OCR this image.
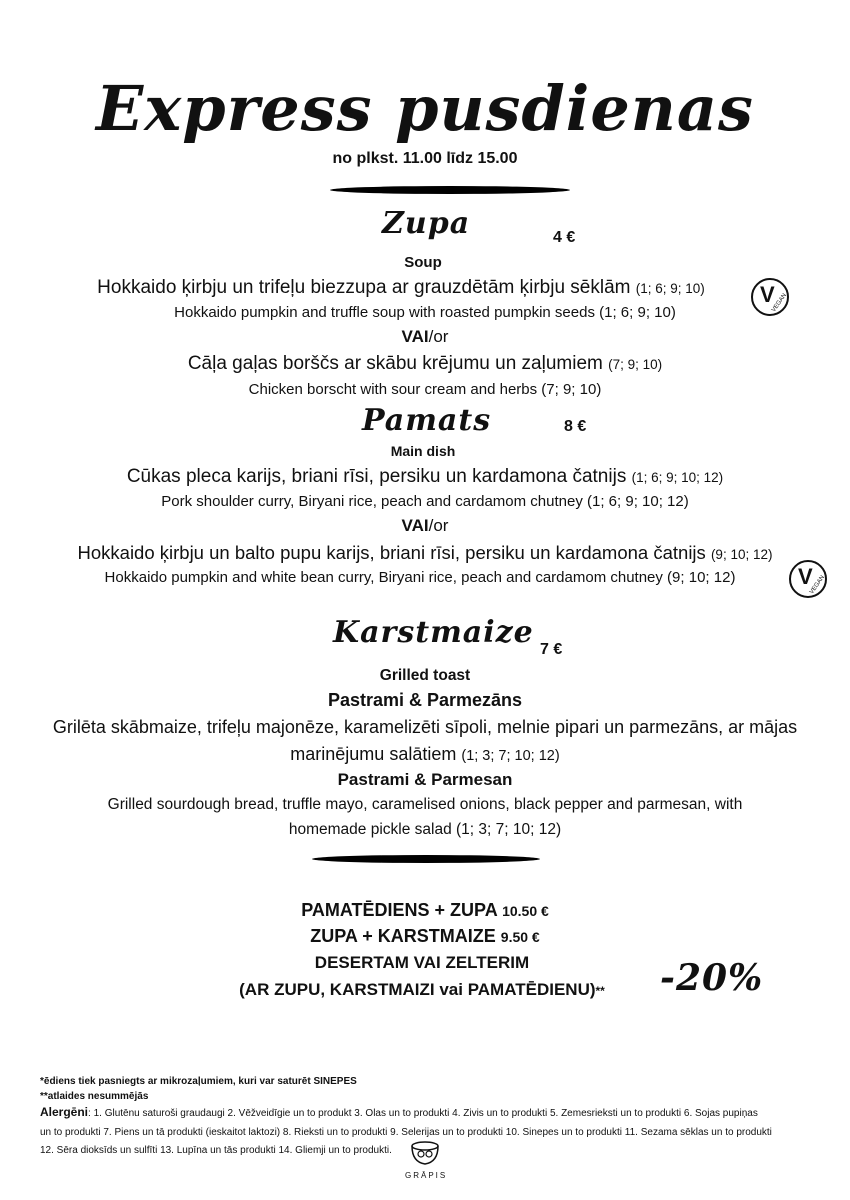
Express pusdienas
no plkst. 11.00 līdz 15.00
Zupa	4 €
Soup
Hokkaido ķirbju un trifeļu biezzupa ar grauzdētām ķirbju sēklām (1; 6; 9; 10)	V
VEGAN
Hokkaido pumpkin and truffle soup with roasted pumpkin seeds (1; 6; 9; 10)
VAI/or
Cāļa gaļas borščs ar skābu krējumu un zaļumiem (7; 9; 10)
Chicken borscht with sour cream and herbs (7; 9; 10)
Pamats	8 €
Main dish
Cūkas pleca karijs, briani rīsi, persiku un kardamona čatnijs (1; 6; 9; 10; 12)
Pork shoulder curry, Biryani rice, peach and cardamom chutney (1; 6; 9; 10; 12)
VAI/or
Hokkaido ķirbju un balto pupu karijs, briani rīsi, persiku un kardamona čatnijs (9; 10; 12)
Hokkaido pumpkin and white bean curry, Biryani rice, peach and cardamom chutney (9; 10; 12)	V
VEGAN
Karstmaize 7 €
Grilled toast
Pastrami & Parmezāns
Grilēta skābmaize, trifeļu majonēze, karamelizēti sīpoli, melnie pipari un parmezāns, ar mājas
marinējumu salātiem (1; 3; 7; 10; 12)
Pastrami & Parmesan
Grilled sourdough bread, truffle mayo, caramelised onions, black pepper and parmesan, with
homemade pickle salad (1; 3; 7; 10; 12)
PAMATĒDIENS + ZUPA 10.50 €
ZUPA + KARSTMAIZE 9.50 €
DESERTAM VAI ZELTERIM
(AR ZUPU, KARSTMAIZI vai PAMATĒDIENU)**	-20%
*ēdiens tiek pasniegts ar mikrozaļumiem, kuri var saturēt SINEPES
**atlaides nesummējās
Alergēni: 1. Glutēnu saturoši graudaugi 2. Vēžveidīgie un to produkt 3. Olas un to produkti 4. Zivis un to produkti 5. Zemesrieksti un to produkti 6. Sojas pupiņas
un to produkti 7. Piens un tā produkti (ieskaitot laktozi) 8. Rieksti un to produkti 9. Selerijas un to produkti 10. Sinepes un to produkti 11. Sezama sēklas un to produkti
12. Sēra dioksīds un sulfīti 13. Lupīna un tās produkti 14. Gliemji un to produkti.
GRĀPIS
